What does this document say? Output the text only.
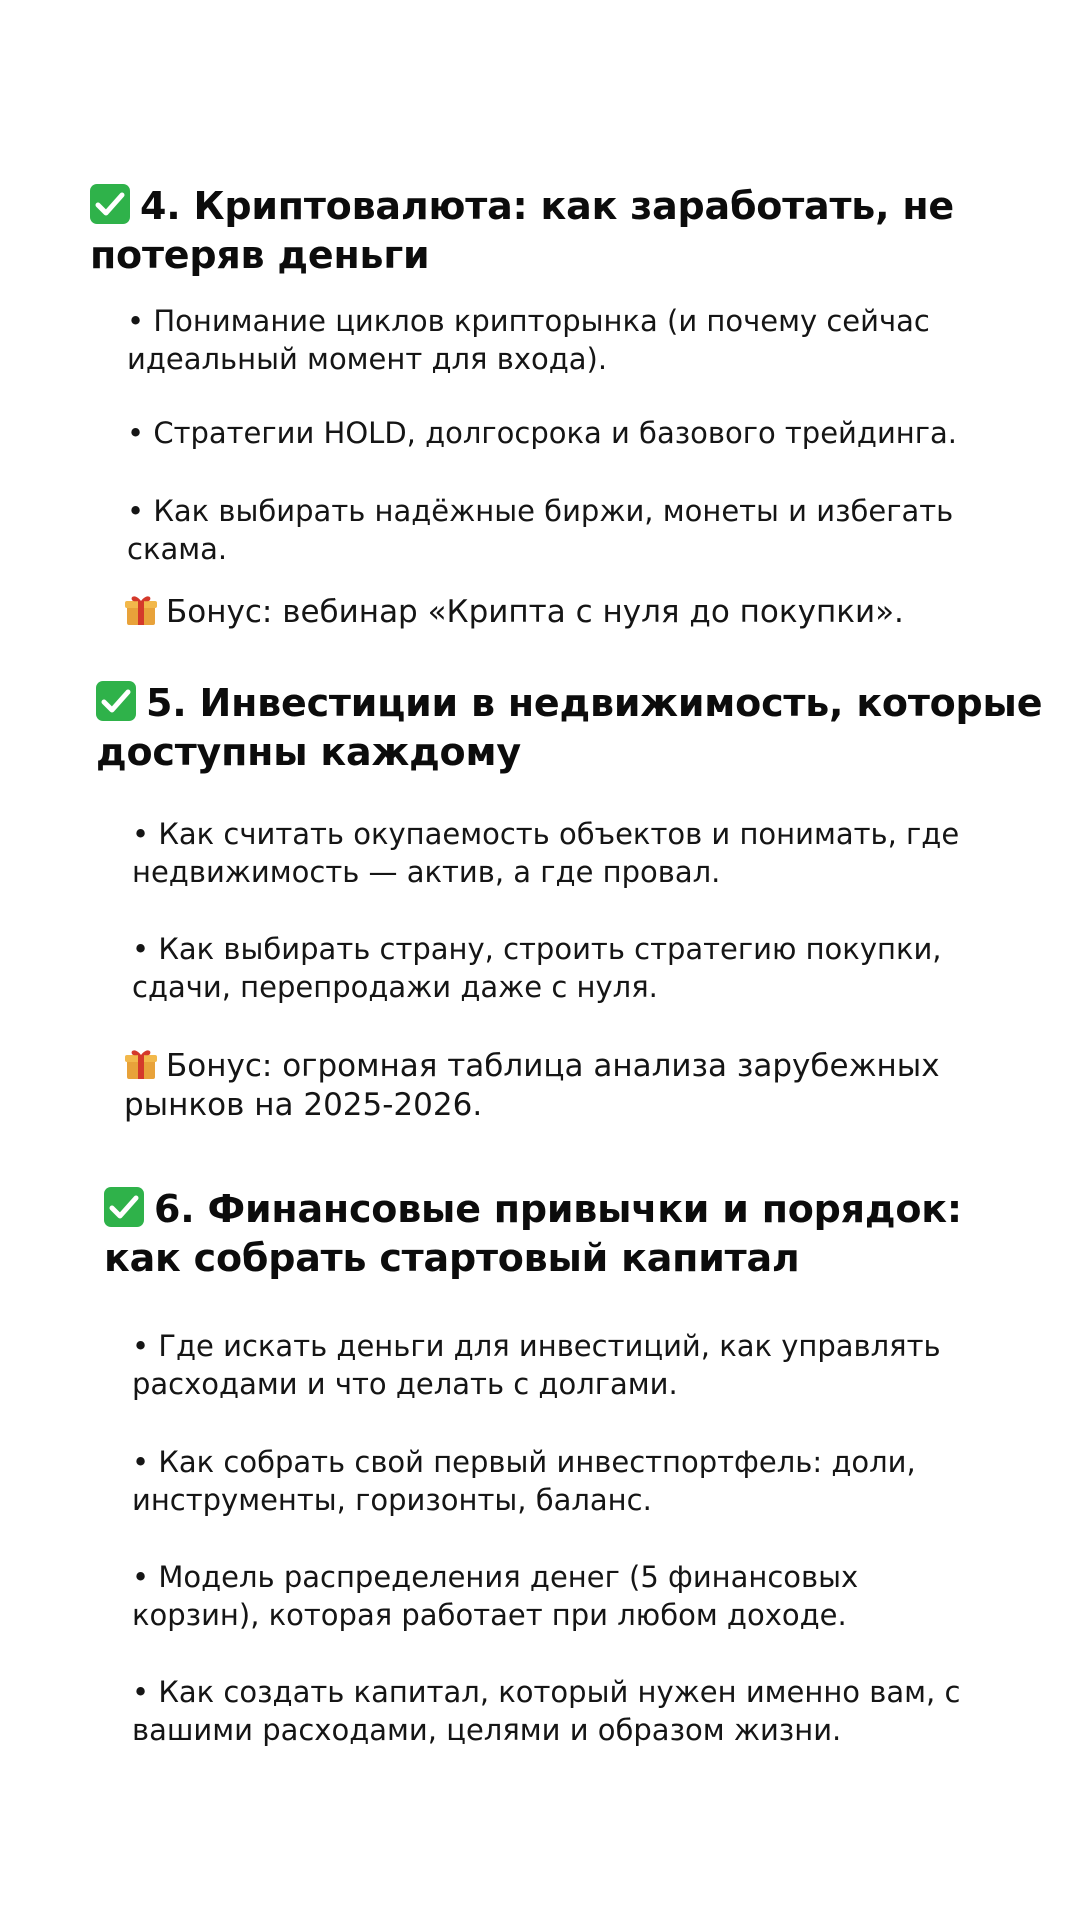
4. Криптовалюта: как заработать, не
потеряв деньги

• Понимание циклов крипторынка (и почему сейчас
идеальный момент для входа).

• Стратегии HOLD, долгосрока и базового трейдинга.

• Как выбирать надёжные биржи, монеты и избегать
скама.

Бонус: вебинар «Крипта с нуля до покупки».

5. Инвестиции в недвижимость, которые
доступны каждому

• Как считать окупаемость объектов и понимать, где
недвижимость — актив, а где провал.

• Как выбирать страну, строить стратегию покупки,
сдачи, перепродажи даже с нуля.

Бонус: огромная таблица анализа зарубежных
рынков на 2025-2026.

6. Финансовые привычки и порядок:
как собрать стартовый капитал

• Где искать деньги для инвестиций, как управлять
расходами и что делать с долгами.

• Как собрать свой первый инвестпортфель: доли,
инструменты, горизонты, баланс.

• Модель распределения денег (5 финансовых
корзин), которая работает при любом доходе.

• Как создать капитал, который нужен именно вам, с
вашими расходами, целями и образом жизни.
